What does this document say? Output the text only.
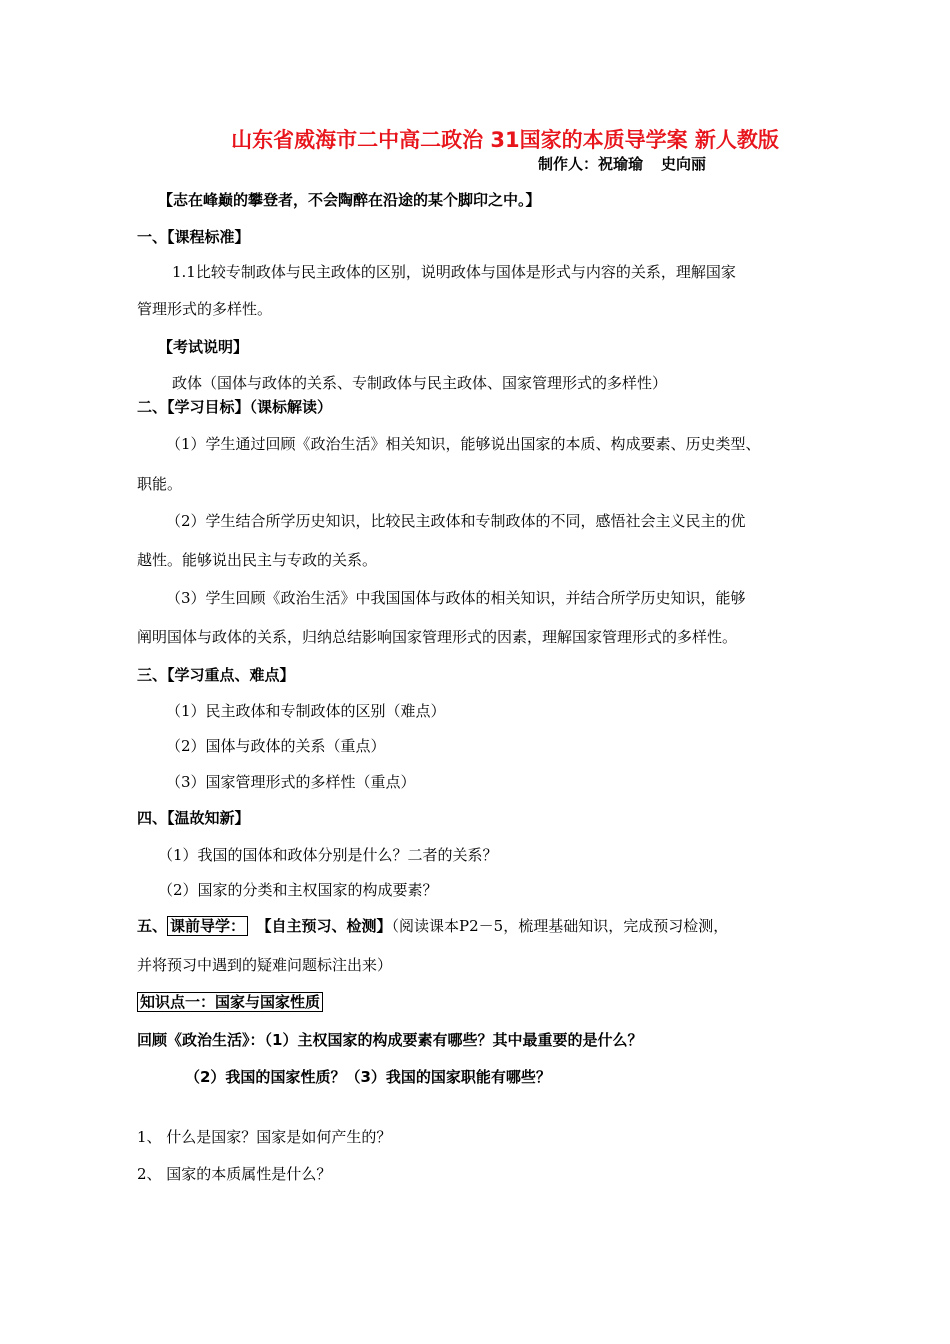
山东省威海市二中高二政治 31国家的本质导学案 新人教版
制作人：祝瑜瑜 史向丽
【志在峰巅的攀登者，不会陶醉在沿途的某个脚印之中。】
一、【课程标准】
1.1比较专制政体与民主政体的区别，说明政体与国体是形式与内容的关系，理解国家
管理形式的多样性。
【考试说明】
政体（国体与政体的关系、专制政体与民主政体、国家管理形式的多样性）
二、【学习目标】（课标解读）
（1）学生通过回顾《政治生活》相关知识，能够说出国家的本质、构成要素、历史类型、
职能。
（2）学生结合所学历史知识，比较民主政体和专制政体的不同，感悟社会主义民主的优
越性。能够说出民主与专政的关系。
（3）学生回顾《政治生活》中我国国体与政体的相关知识，并结合所学历史知识，能够
阐明国体与政体的关系，归纳总结影响国家管理形式的因素，理解国家管理形式的多样性。
三、【学习重点、难点】
（1）民主政体和专制政体的区别（难点）
（2）国体与政体的关系（重点）
（3）国家管理形式的多样性（重点）
四、【温故知新】
（1）我国的国体和政体分别是什么？二者的关系？
（2）国家的分类和主权国家的构成要素？
五、 课前导学： 【自主预习、检测】（阅读课本P2－5，梳理基础知识，完成预习检测，
并将预习中遇到的疑难问题标注出来）
知识点一：国家与国家性质
回顾《政治生活》：（1）主权国家的构成要素有哪些？其中最重要的是什么？
（2）我国的国家性质？（3）我国的国家职能有哪些？
1、 什么是国家？国家是如何产生的？
2、 国家的本质属性是什么？
